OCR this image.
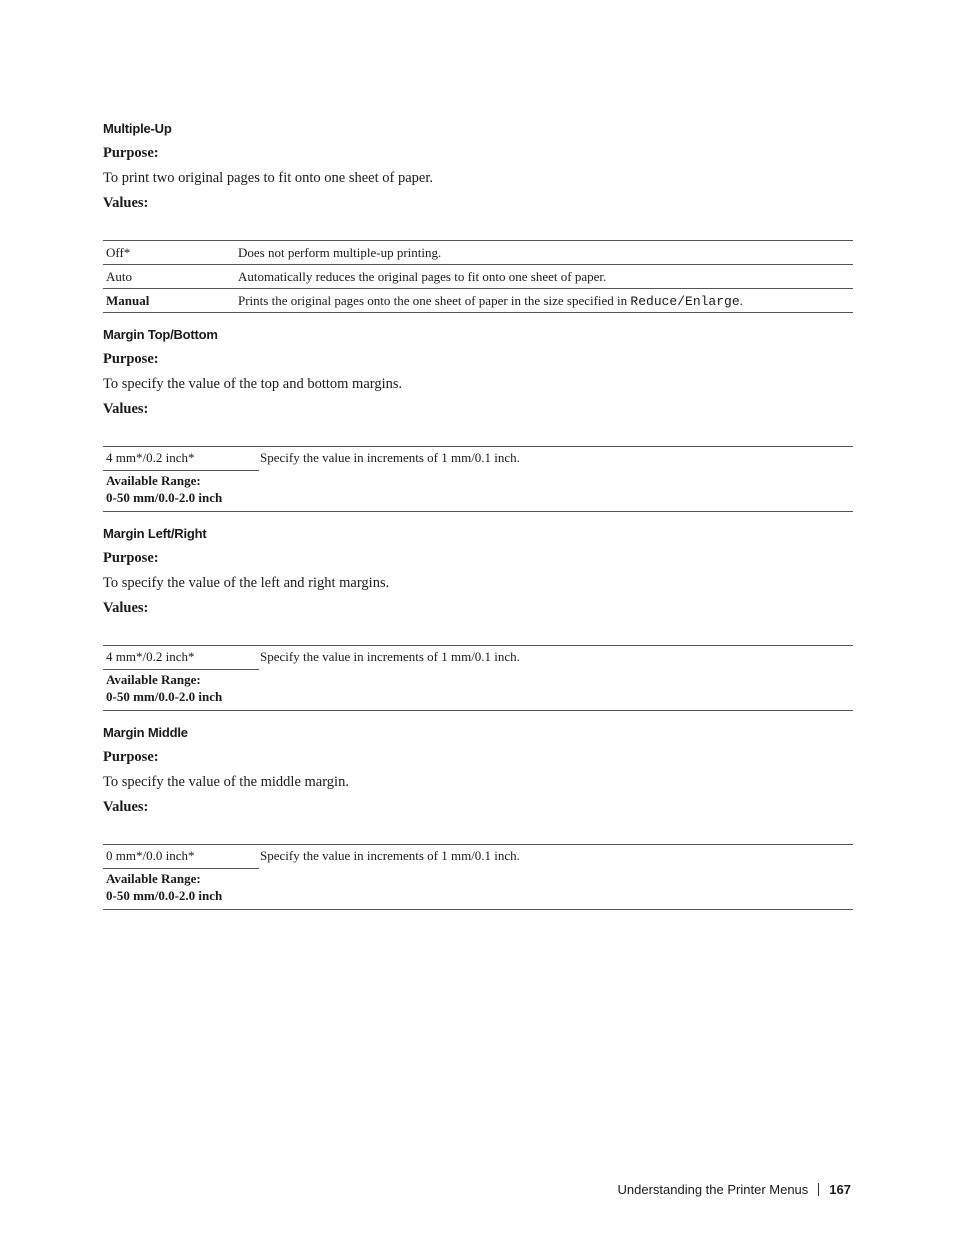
Multiple-Up
Purpose:
To print two original pages to fit onto one sheet of paper.
Values:
Off*	Does not perform multiple-up printing.
Auto	Automatically reduces the original pages to fit onto one sheet of paper.
Manual	Prints the original pages onto the one sheet of paper in the size specified in Reduce/Enlarge.
Margin Top/Bottom
Purpose:
To specify the value of the top and bottom margins.
Values:
4 mm*/0.2 inch*	Specify the value in increments of 1 mm/0.1 inch.
Available Range:
0-50 mm/0.0-2.0 inch
Margin Left/Right
Purpose:
To specify the value of the left and right margins.
Values:
4 mm*/0.2 inch*	Specify the value in increments of 1 mm/0.1 inch.
Available Range:
0-50 mm/0.0-2.0 inch
Margin Middle
Purpose:
To specify the value of the middle margin.
Values:
0 mm*/0.0 inch*	Specify the value in increments of 1 mm/0.1 inch.
Available Range:
0-50 mm/0.0-2.0 inch
Understanding the Printer Menus 167
